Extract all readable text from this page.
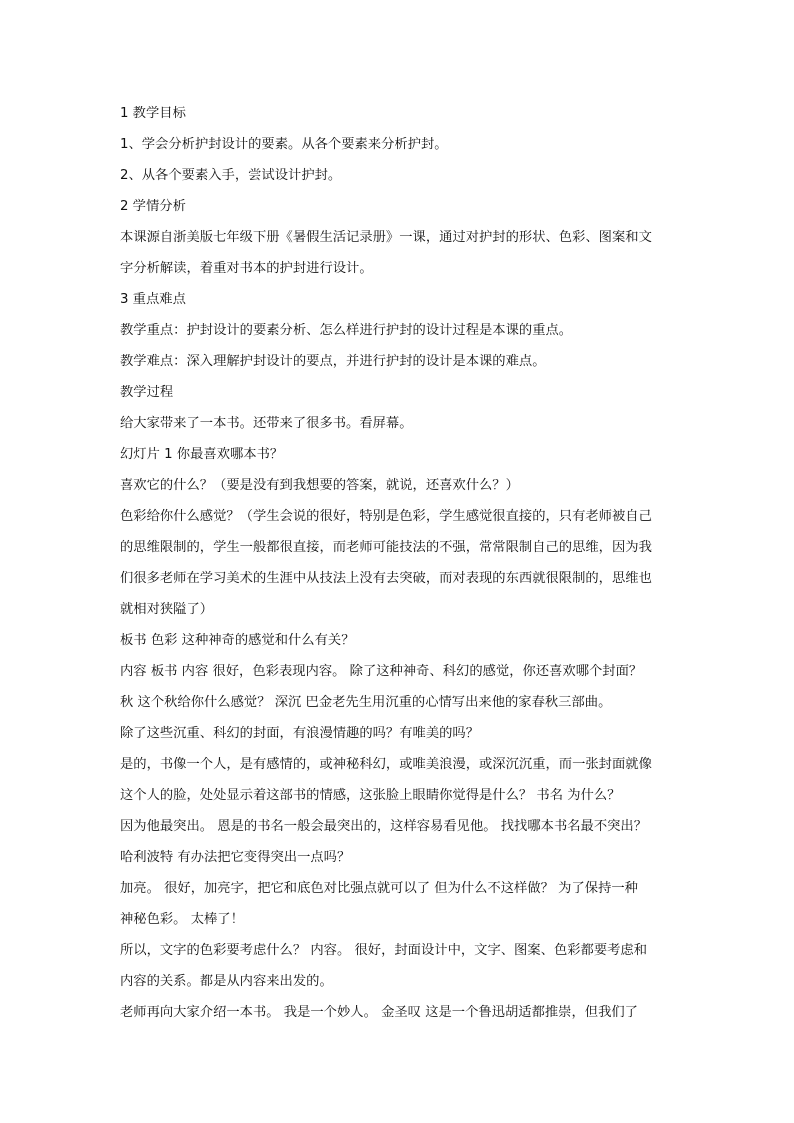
1 教学目标
1、学会分析护封设计的要素。从各个要素来分析护封。
2、从各个要素入手，尝试设计护封。
2 学情分析
本课源自浙美版七年级下册《暑假生活记录册》一课，通过对护封的形状、色彩、图案和文
字分析解读，着重对书本的护封进行设计。
3 重点难点
教学重点：护封设计的要素分析、怎么样进行护封的设计过程是本课的重点。
教学难点：深入理解护封设计的要点，并进行护封的设计是本课的难点。
教学过程
给大家带来了一本书。还带来了很多书。看屏幕。
幻灯片 1 你最喜欢哪本书？
喜欢它的什么？（要是没有到我想要的答案，就说，还喜欢什么？）
色彩给你什么感觉？（学生会说的很好，特别是色彩，学生感觉很直接的，只有老师被自己
的思维限制的，学生一般都很直接，而老师可能技法的不强，常常限制自己的思维，因为我
们很多老师在学习美术的生涯中从技法上没有去突破，而对表现的东西就很限制的，思维也
就相对狭隘了）
板书 色彩 这种神奇的感觉和什么有关？
内容 板书 内容 很好，色彩表现内容。 除了这种神奇、科幻的感觉，你还喜欢哪个封面？
秋 这个秋给你什么感觉？ 深沉 巴金老先生用沉重的心情写出来他的家春秋三部曲。
除了这些沉重、科幻的封面，有浪漫情趣的吗？有唯美的吗？
是的，书像一个人，是有感情的，或神秘科幻，或唯美浪漫，或深沉沉重，而一张封面就像
这个人的脸，处处显示着这部书的情感，这张脸上眼睛你觉得是什么？ 书名 为什么？
因为他最突出。 恩是的书名一般会最突出的，这样容易看见他。 找找哪本书名最不突出？
哈利波特 有办法把它变得突出一点吗？
加亮。 很好，加亮字，把它和底色对比强点就可以了 但为什么不这样做？ 为了保持一种
神秘色彩。 太棒了！
所以，文字的色彩要考虑什么？ 内容。 很好，封面设计中，文字、图案、色彩都要考虑和
内容的关系。都是从内容来出发的。
老师再向大家介绍一本书。 我是一个妙人。 金圣叹 这是一个鲁迅胡适都推崇，但我们了
